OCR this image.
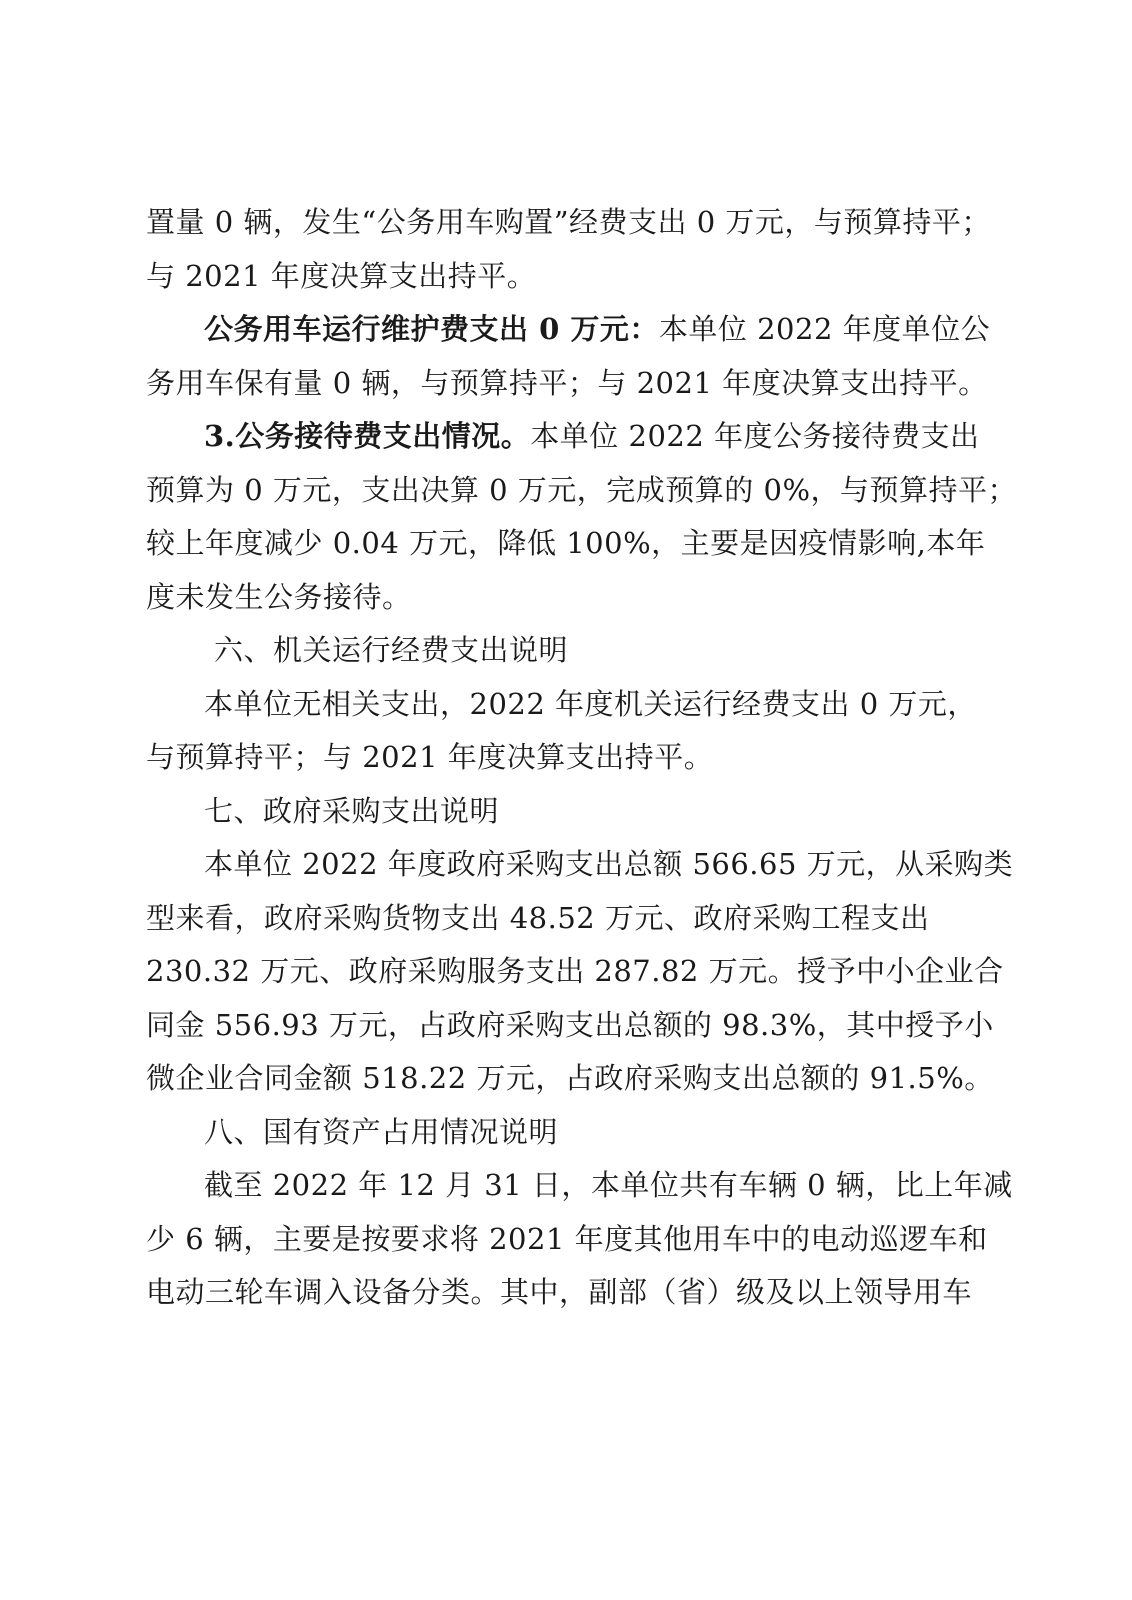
置量 0 辆，发生“公务用车购置”经费支出 0 万元，与预算持平；
与 2021 年度决算支出持平。
公务用车运行维护费支出 0 万元：本单位 2022 年度单位公
务用车保有量 0 辆，与预算持平；与 2021 年度决算支出持平。
3.公务接待费支出情况。本单位 2022 年度公务接待费支出
预算为 0 万元，支出决算 0 万元，完成预算的 0%，与预算持平；
较上年度减少 0.04 万元，降低 100%，主要是因疫情影响,本年
度未发生公务接待。
六、机关运行经费支出说明
本单位无相关支出，2022 年度机关运行经费支出 0 万元，
与预算持平；与 2021 年度决算支出持平。
七、政府采购支出说明
本单位 2022 年度政府采购支出总额 566.65 万元，从采购类
型来看，政府采购货物支出 48.52 万元、政府采购工程支出
230.32 万元、政府采购服务支出 287.82 万元。授予中小企业合
同金 556.93 万元，占政府采购支出总额的 98.3%，其中授予小
微企业合同金额 518.22 万元，占政府采购支出总额的 91.5%。
八、国有资产占用情况说明
截至 2022 年 12 月 31 日，本单位共有车辆 0 辆，比上年减
少 6 辆，主要是按要求将 2021 年度其他用车中的电动巡逻车和
电动三轮车调入设备分类。其中，副部（省）级及以上领导用车
